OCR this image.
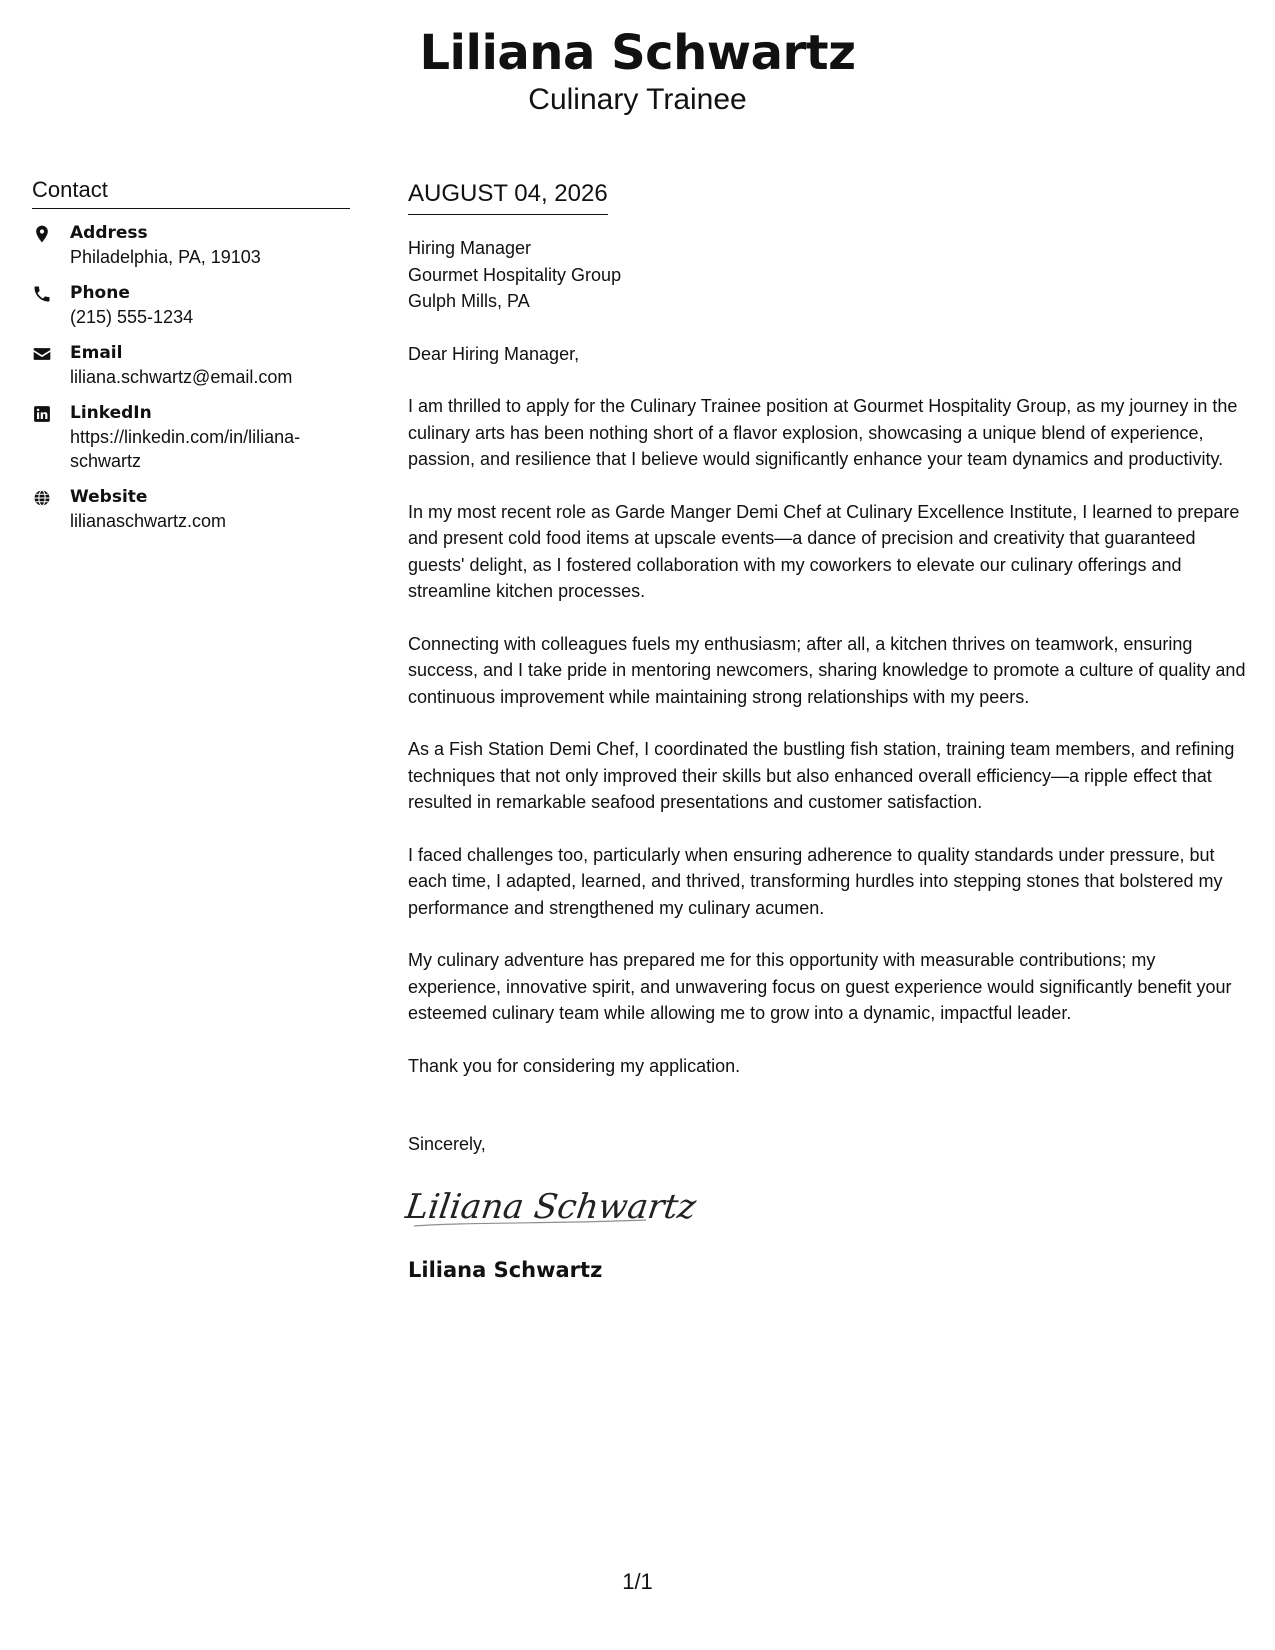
Liliana Schwartz
Culinary Trainee
Contact
Address
Philadelphia, PA, 19103
Phone
(215) 555-1234
Email
liliana.schwartz@email.com
LinkedIn
https://linkedin.com/in/liliana-schwartz
Website
lilianaschwartz.com
AUGUST 04, 2026
Hiring Manager
Gourmet Hospitality Group
Gulph Mills, PA
Dear Hiring Manager,

I am thrilled to apply for the Culinary Trainee position at Gourmet Hospitality Group, as my journey in the culinary arts has been nothing short of a flavor explosion, showcasing a unique blend of experience, passion, and resilience that I believe would significantly enhance your team dynamics and productivity.

In my most recent role as Garde Manger Demi Chef at Culinary Excellence Institute, I learned to prepare and present cold food items at upscale events—a dance of precision and creativity that guaranteed guests' delight, as I fostered collaboration with my coworkers to elevate our culinary offerings and streamline kitchen processes.

Connecting with colleagues fuels my enthusiasm; after all, a kitchen thrives on teamwork, ensuring success, and I take pride in mentoring newcomers, sharing knowledge to promote a culture of quality and continuous improvement while maintaining strong relationships with my peers.

As a Fish Station Demi Chef, I coordinated the bustling fish station, training team members, and refining techniques that not only improved their skills but also enhanced overall efficiency—a ripple effect that resulted in remarkable seafood presentations and customer satisfaction.

I faced challenges too, particularly when ensuring adherence to quality standards under pressure, but each time, I adapted, learned, and thrived, transforming hurdles into stepping stones that bolstered my performance and strengthened my culinary acumen.

My culinary adventure has prepared me for this opportunity with measurable contributions; my experience, innovative spirit, and unwavering focus on guest experience would significantly benefit your esteemed culinary team while allowing me to grow into a dynamic, impactful leader.

Thank you for considering my application.

Sincerely,
Liliana Schwartz
Liliana Schwartz
1/1
